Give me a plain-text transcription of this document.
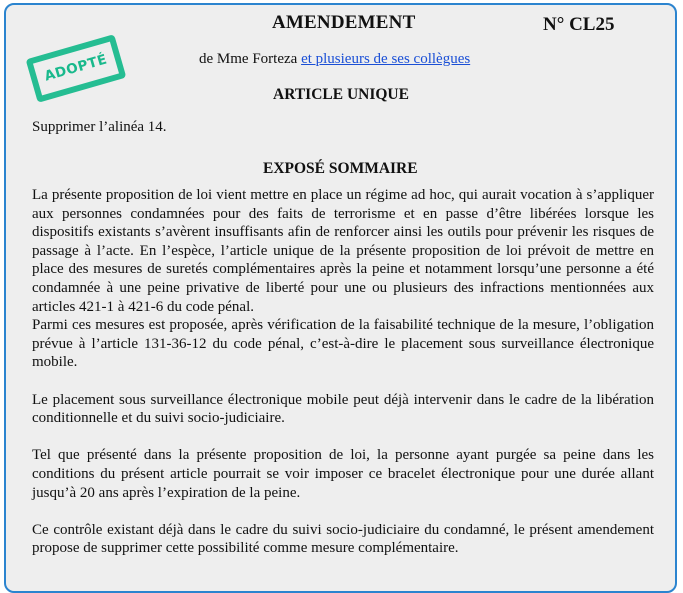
AMENDEMENT	N° CL25
ADOPTÉ	de Mme Forteza et plusieurs de ses collègues
ARTICLE UNIQUE
Supprimer l’alinéa 14.
EXPOSÉ SOMMAIRE

La présente proposition de loi vient mettre en place un régime ad hoc, qui aurait vocation à s’appliquer aux personnes condamnées pour des faits de terrorisme et en passe d’être libérées lorsque les dispositifs existants s’avèrent insuffisants afin de renforcer ainsi les outils pour prévenir les risques de passage à l’acte. En l’espèce, l’article unique de la présente proposition de loi prévoit de mettre en place des mesures de suretés complémentaires après la peine et notamment lorsqu’une personne a été condamnée à une peine privative de liberté pour une ou plusieurs des infractions mentionnées aux articles 421-1 à 421-6 du code pénal.

Parmi ces mesures est proposée, après vérification de la faisabilité technique de la mesure, l’obligation prévue à l’article 131-36-12 du code pénal, c’est-à-dire le placement sous surveillance électronique mobile.

Le placement sous surveillance électronique mobile peut déjà intervenir dans le cadre de la libération conditionnelle et du suivi socio-judiciaire.

Tel que présenté dans la présente proposition de loi, la personne ayant purgée sa peine dans les conditions du présent article pourrait se voir imposer ce bracelet électronique pour une durée allant jusqu’à 20 ans après l’expiration de la peine.

Ce contrôle existant déjà dans le cadre du suivi socio-judiciaire du condamné, le présent amendement propose de supprimer cette possibilité comme mesure complémentaire.
